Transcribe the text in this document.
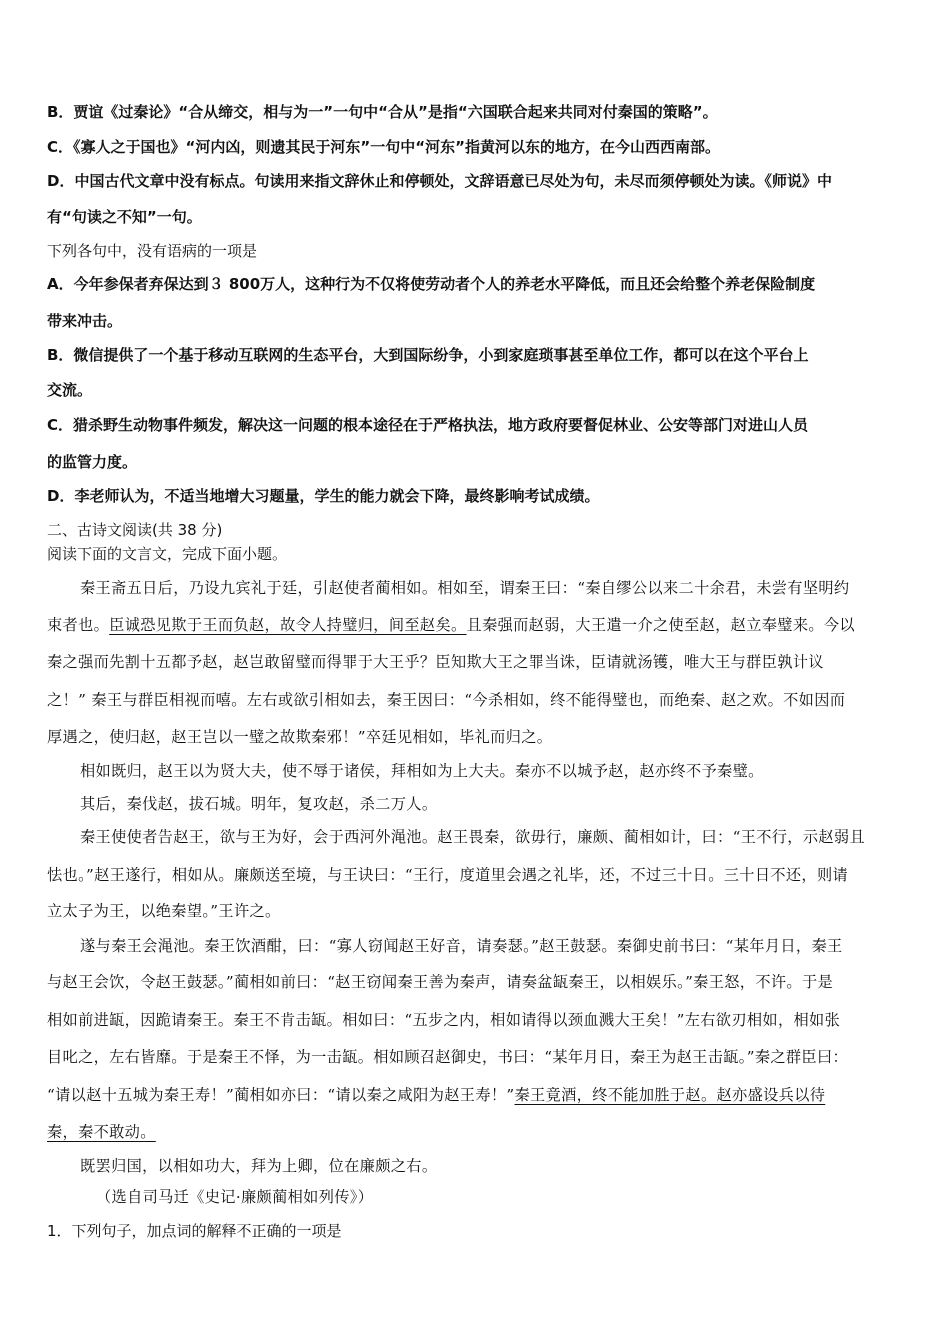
B．贾谊《过秦论》“合从缔交，相与为一”一句中“合从”是指“六国联合起来共同对付秦国的策略”。
C．《寡人之于国也》“河内凶，则遗其民于河东”一句中“河东”指黄河以东的地方，在今山西西南部。
D．中国古代文章中没有标点。句读用来指文辞休止和停顿处，文辞语意已尽处为句，未尽而须停顿处为读。《师说》中
有“句读之不知”一句。
下列各句中，没有语病的一项是
A．今年参保者弃保达到３ 800万人，这种行为不仅将使劳动者个人的养老水平降低，而且还会给整个养老保险制度
带来冲击。
B．微信提供了一个基于移动互联网的生态平台，大到国际纷争，小到家庭琐事甚至单位工作，都可以在这个平台上
交流。
C．猎杀野生动物事件频发，解决这一问题的根本途径在于严格执法，地方政府要督促林业、公安等部门对进山人员
的监管力度。
D．李老师认为，不适当地增大习题量，学生的能力就会下降，最终影响考试成绩。
二、古诗文阅读(共 38 分)
阅读下面的文言文，完成下面小题。
秦王斋五日后，乃设九宾礼于廷，引赵使者蔺相如。相如至，谓秦王曰：“秦自缪公以来二十余君，未尝有坚明约
束者也。臣诚恐见欺于王而负赵，故令人持璧归，间至赵矣。且秦强而赵弱，大王遣一介之使至赵，赵立奉璧来。今以
秦之强而先割十五都予赵，赵岂敢留璧而得罪于大王乎？臣知欺大王之罪当诛，臣请就汤镬，唯大王与群臣孰计议
之！” 秦王与群臣相视而嘻。左右或欲引相如去，秦王因曰：“今杀相如，终不能得璧也，而绝秦、赵之欢。不如因而
厚遇之，使归赵，赵王岂以一璧之故欺秦邪！”卒廷见相如，毕礼而归之。
相如既归，赵王以为贤大夫，使不辱于诸侯，拜相如为上大夫。秦亦不以城予赵，赵亦终不予秦璧。
其后，秦伐赵，拔石城。明年，复攻赵，杀二万人。
秦王使使者告赵王，欲与王为好，会于西河外渑池。赵王畏秦，欲毋行，廉颇、蔺相如计，曰：“王不行，示赵弱且
怯也。”赵王遂行，相如从。廉颇送至境，与王诀曰：“王行，度道里会遇之礼毕，还，不过三十日。三十日不还，则请
立太子为王，以绝秦望。”王许之。
遂与秦王会渑池。秦王饮酒酣，曰：“寡人窃闻赵王好音，请奏瑟。”赵王鼓瑟。秦御史前书曰：“某年月日，秦王
与赵王会饮，令赵王鼓瑟。”蔺相如前曰：“赵王窃闻秦王善为秦声，请奏盆缻秦王，以相娱乐。”秦王怒，不许。于是
相如前进缻，因跪请秦王。秦王不肯击缻。相如曰：“五步之内，相如请得以颈血溅大王矣！”左右欲刃相如，相如张
目叱之，左右皆靡。于是秦王不怿，为一击缻。相如顾召赵御史，书曰：“某年月日，秦王为赵王击缻。”秦之群臣曰：
“请以赵十五城为秦王寿！”蔺相如亦曰：“请以秦之咸阳为赵王寿！”秦王竟酒，终不能加胜于赵。赵亦盛设兵以待
秦，秦不敢动。
既罢归国，以相如功大，拜为上卿，位在廉颇之右。
（选自司马迁《史记·廉颇蔺相如列传》）
1．下列句子，加点词的解释不正确的一项是
